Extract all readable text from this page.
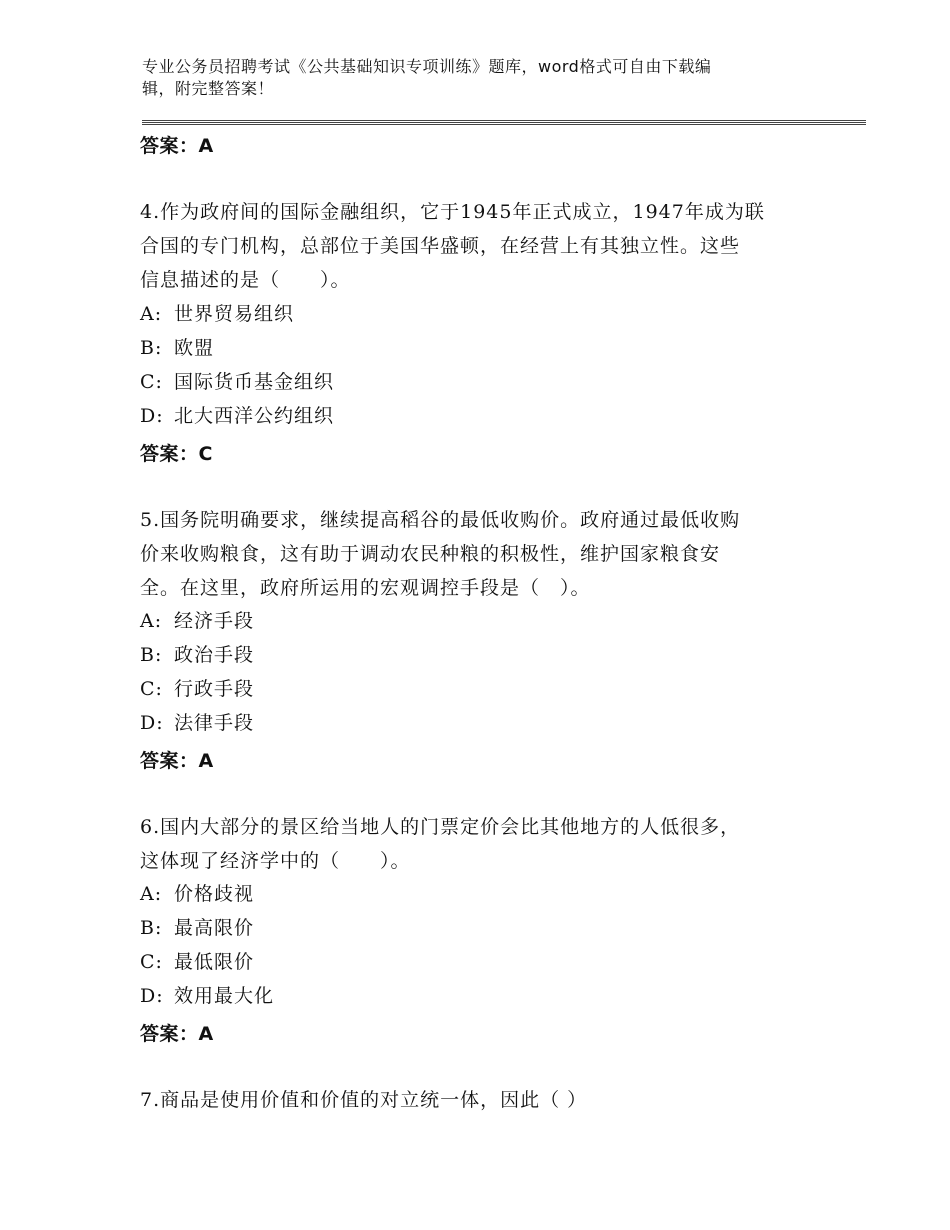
专业公务员招聘考试《公共基础知识专项训练》题库，word格式可自由下载编
辑，附完整答案！
答案：A
4.作为政府间的国际金融组织，它于1945年正式成立，1947年成为联
合国的专门机构，总部位于美国华盛顿，在经营上有其独立性。这些
信息描述的是（　　）。
A: 世界贸易组织
B: 欧盟
C: 国际货币基金组织
D: 北大西洋公约组织
答案：C
5.国务院明确要求，继续提高稻谷的最低收购价。政府通过最低收购
价来收购粮食，这有助于调动农民种粮的积极性，维护国家粮食安
全。在这里，政府所运用的宏观调控手段是（　）。
A: 经济手段
B: 政治手段
C: 行政手段
D: 法律手段
答案：A
6.国内大部分的景区给当地人的门票定价会比其他地方的人低很多，
这体现了经济学中的（　　）。
A: 价格歧视
B: 最高限价
C: 最低限价
D: 效用最大化
答案：A
7.商品是使用价值和价值的对立统一体，因此（ ）
